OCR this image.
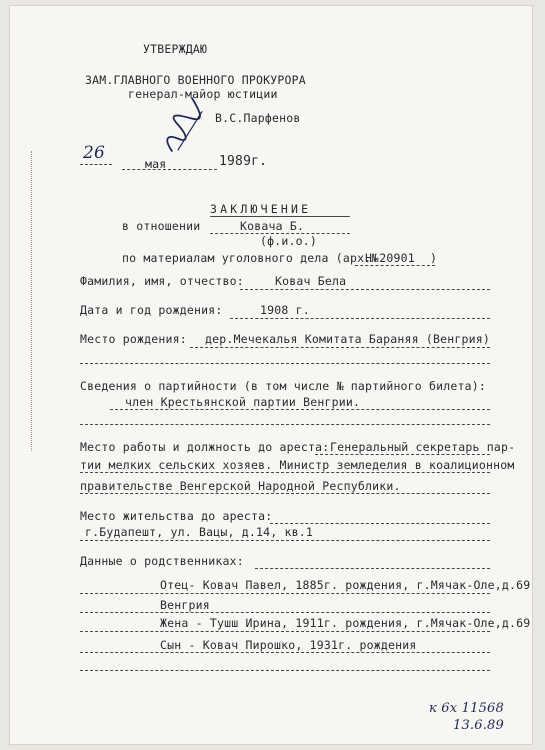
УТВЕРЖДАЮ
ЗАМ.ГЛАВНОГО ВОЕННОГО ПРОКУРОРА
генерал-майор юстиции
В.С.Парфенов
26
мая	1989г.
ЗАКЛЮЧЕНИЕ
в отношении	Ковача Б.
(ф.и.о.)
по материалам уголовного дела (арх.№
Н-20901 )
Фамилия, имя, отчество:	Ковач Бела
Дата и год рождения:	1908 г.
Место рождения: дер.Мечекалья Комитата Бараняя (Венгрия)
Сведения о партийности (в том числе № партийного билета):
член Крестьянской партии Венгрии.
Место работы и должность до ареста: Генеральный секретарь пар-
тии мелких сельских хозяев. Министр земледелия в коалиционном
правительстве Венгерской Народной Республики.
Место жительства до ареста:
г.Будапешт, ул. Вацы, д.14, кв.1
Данные о родственниках:
Отец- Ковач Павел, 1885г. рождения, г.Мячак-Оле,д.69
Венгрия
Жена - Тушш Ирина, 1911г. рождения, г.Мячак-Оле,д.69
Сын - Ковач Пирошко, 1931г. рождения
к 6х 11568
13.6.89
